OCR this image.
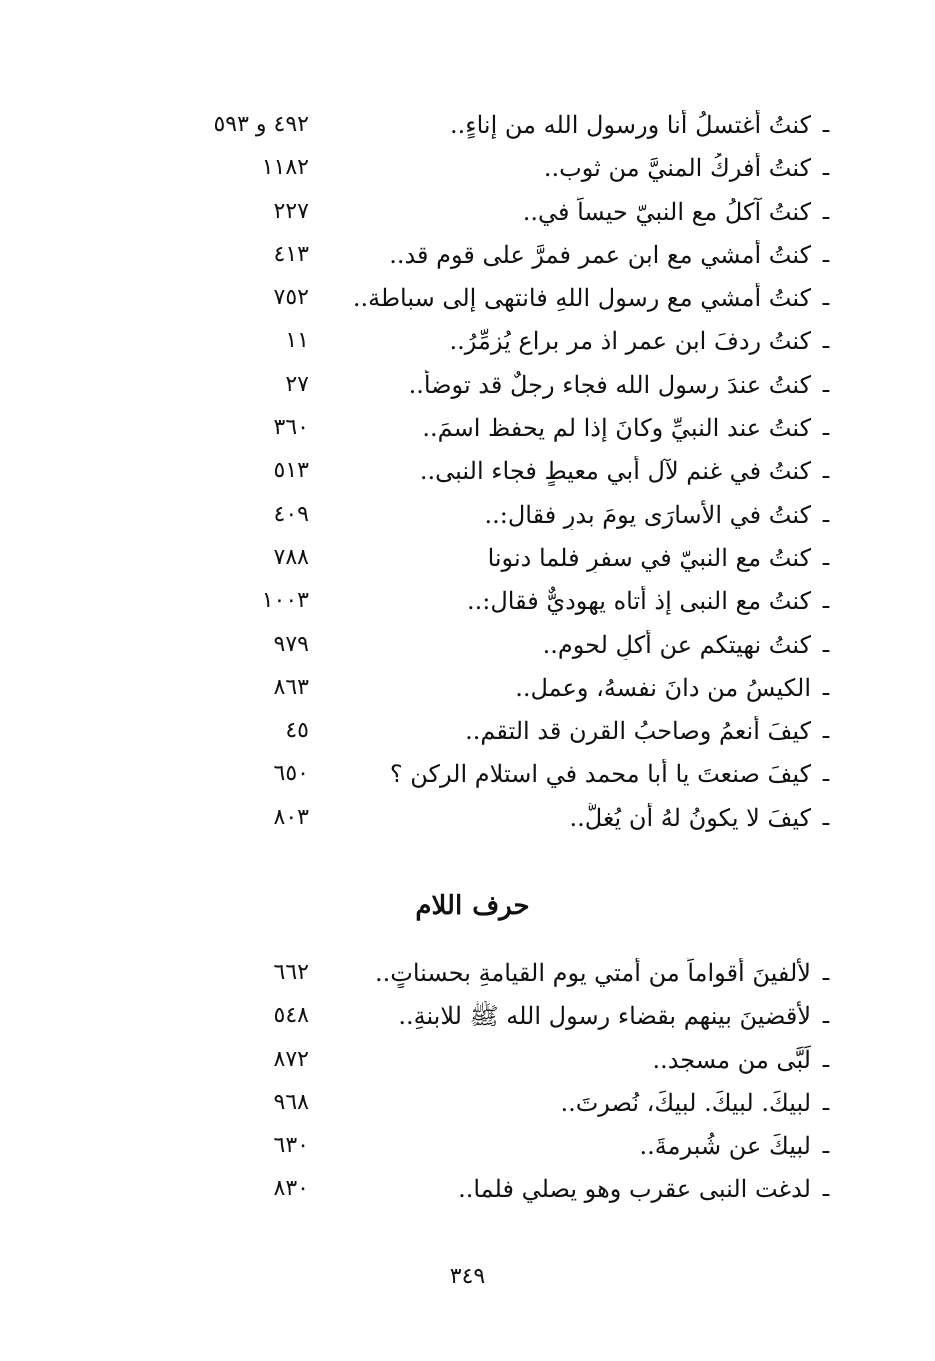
ـ
كنتُ أغتسلُ أنا ورسول الله من إناءٍ..
٤٩٢ و ٥٩٣
ـ
كنتُ أفركُ المنيَّ من ثوب..
١١٨٢
ـ
كنتُ آكلُ مع النبيّ حيساً في..
٢٢٧
ـ
كنتُ أمشي مع ابن عمر فمرَّ على قوم قد..
٤١٣
ـ
كنتُ أمشي مع رسول اللهِ فانتهى إلى سباطة..
٧٥٢
ـ
كنتُ ردفَ ابن عمر اذ مر براعٍ يُزمِّرُ..
١١
ـ
كنتُ عندَ رسول الله فجاء رجلٌ قد توضأ..
٢٧
ـ
كنتُ عند النبيِّ وكانَ إذا لم يحفظ اسمَ..
٣٦٠
ـ
كنتُ في غنمٍ لآل أبي معيطٍ فجاء النبى..
٥١٣
ـ
كنتُ في الأسارَى يومَ بدرٍ فقال:..
٤٠٩
ـ
كنتُ مع النبيّ في سفرٍ فلما دنونا
٧٨٨
ـ
كنتُ مع النبى إذ أتاه يهوديٌّ فقال:..
١٠٠٣
ـ
كنتُ نهيتكم عن أكلِ لحومِ..
٩٧٩
ـ
الكيسُ من دانَ نفسهُ، وعمل..
٨٦٣
ـ
كيفَ أنعمُ وصاحبُ القرن قد التقم..
٤٥
ـ
كيفَ صنعتَ يا أبا محمد في استلامِ الركنِ ؟
٦٥٠
ـ
كيفَ لا يكونُ لهُ أن يُغلَّ..
٨٠٣
حرفاللام
ـ
لأَلفينَ أقواماً من أمتي يوم القيامةِ بحسناتٍ..
٦٦٢
ـ
لأقضينَ بينهم بقضاء رسول الله ﷺ للابنةِ..
٥٤٨
ـ
لَبَّى من مسجد..
٨٧٢
ـ
لبيكَ. لبيكَ. لبيكَ، نُصرتَ..
٩٦٨
ـ
لبيكَ عن شُبرمةَ..
٦٣٠
ـ
لدغت النبى عقرب وهو يصلي فلما..
٨٣٠
٣٤٩
